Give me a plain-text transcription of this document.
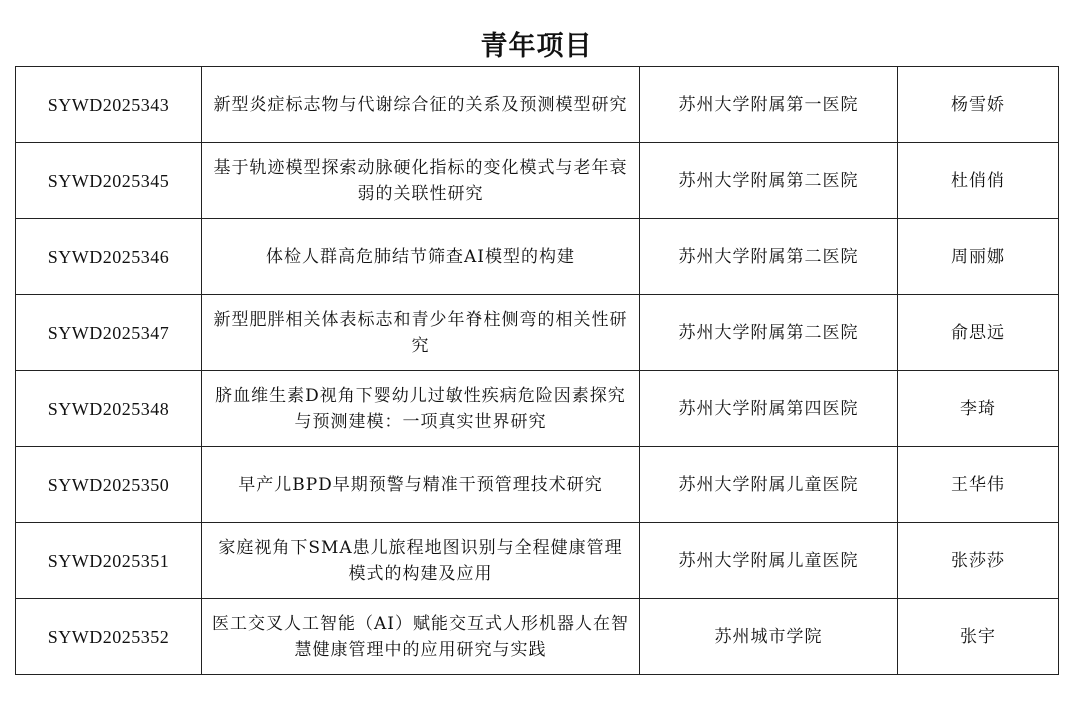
青年项目
SYWD2025343	新型炎症标志物与代谢综合征的关系及预测模型研究	苏州大学附属第一医院	杨雪娇
SYWD2025345	基于轨迹模型探索动脉硬化指标的变化模式与老年衰弱的关联性研究	苏州大学附属第二医院	杜俏俏
SYWD2025346	体检人群高危肺结节筛查AI模型的构建	苏州大学附属第二医院	周丽娜
SYWD2025347	新型肥胖相关体表标志和青少年脊柱侧弯的相关性研究	苏州大学附属第二医院	俞思远
SYWD2025348	脐血维生素D视角下婴幼儿过敏性疾病危险因素探究与预测建模：一项真实世界研究	苏州大学附属第四医院	李琦
SYWD2025350	早产儿BPD早期预警与精准干预管理技术研究	苏州大学附属儿童医院	王华伟
SYWD2025351	家庭视角下SMA患儿旅程地图识别与全程健康管理模式的构建及应用	苏州大学附属儿童医院	张莎莎
SYWD2025352	医工交叉人工智能（AI）赋能交互式人形机器人在智慧健康管理中的应用研究与实践	苏州城市学院	张宇
